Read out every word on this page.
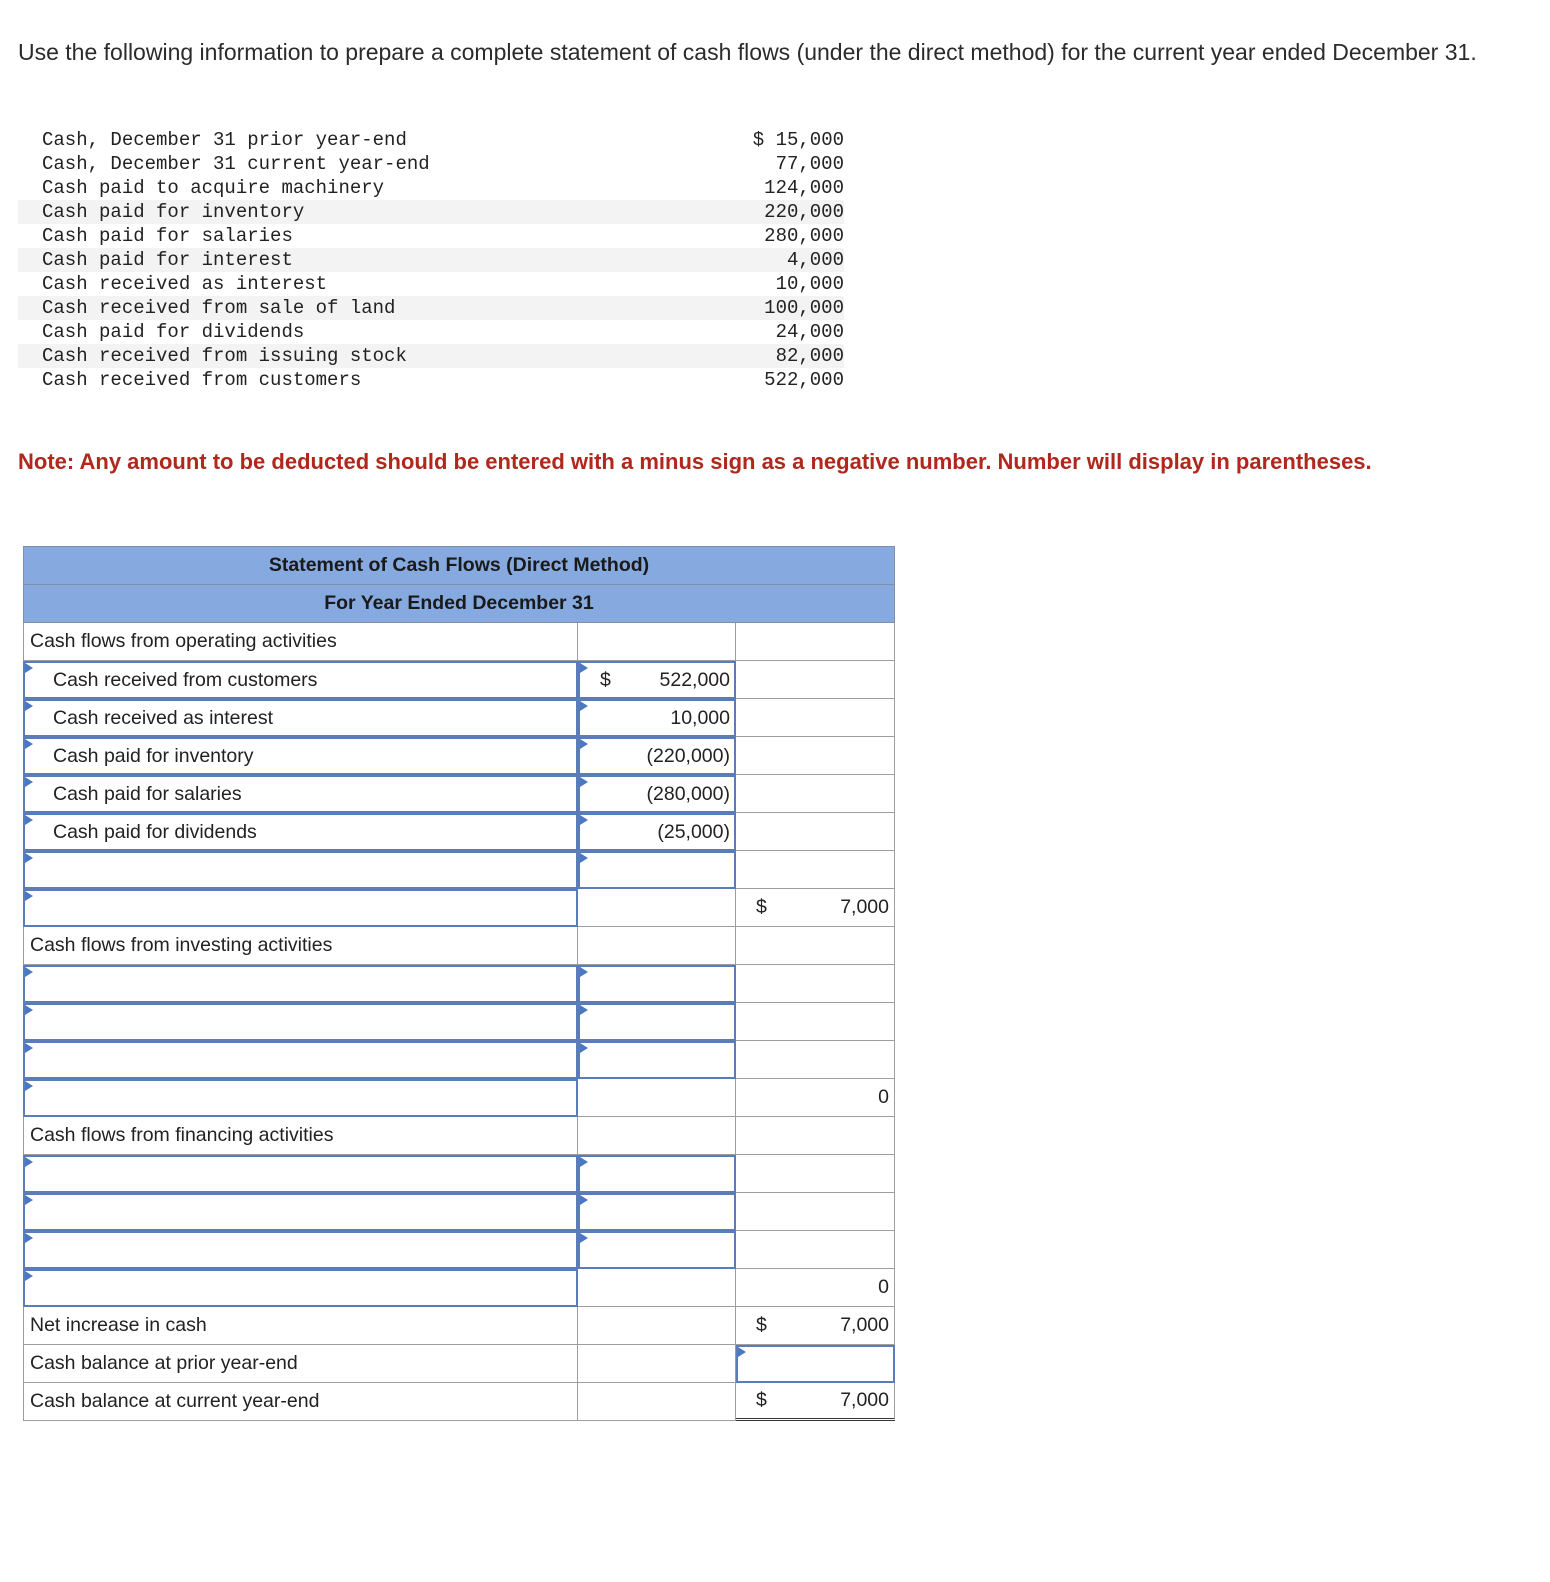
Use the following information to prepare a complete statement of cash flows (under the direct method) for the current year ended December 31.
Cash, December 31 prior year-end	$ 15,000
Cash, December 31 current year-end	77,000
Cash paid to acquire machinery	124,000
Cash paid for inventory	220,000
Cash paid for salaries	280,000
Cash paid for interest	4,000
Cash received as interest	10,000
Cash received from sale of land	100,000
Cash paid for dividends	24,000
Cash received from issuing stock	82,000
Cash received from customers	522,000
Note: Any amount to be deducted should be entered with a minus sign as a negative number. Number will display in parentheses.
Statement of Cash Flows (Direct Method)
For Year Ended December 31
Cash flows from operating activities
Cash received from customers	$ 522,000
Cash received as interest	10,000
Cash paid for inventory	(220,000)
Cash paid for salaries	(280,000)
Cash paid for dividends	(25,000)
$	7,000
Cash flows from investing activities
0
Cash flows from financing activities
0
Net increase in cash	$	7,000
Cash balance at prior year-end
Cash balance at current year-end	$	7,000
